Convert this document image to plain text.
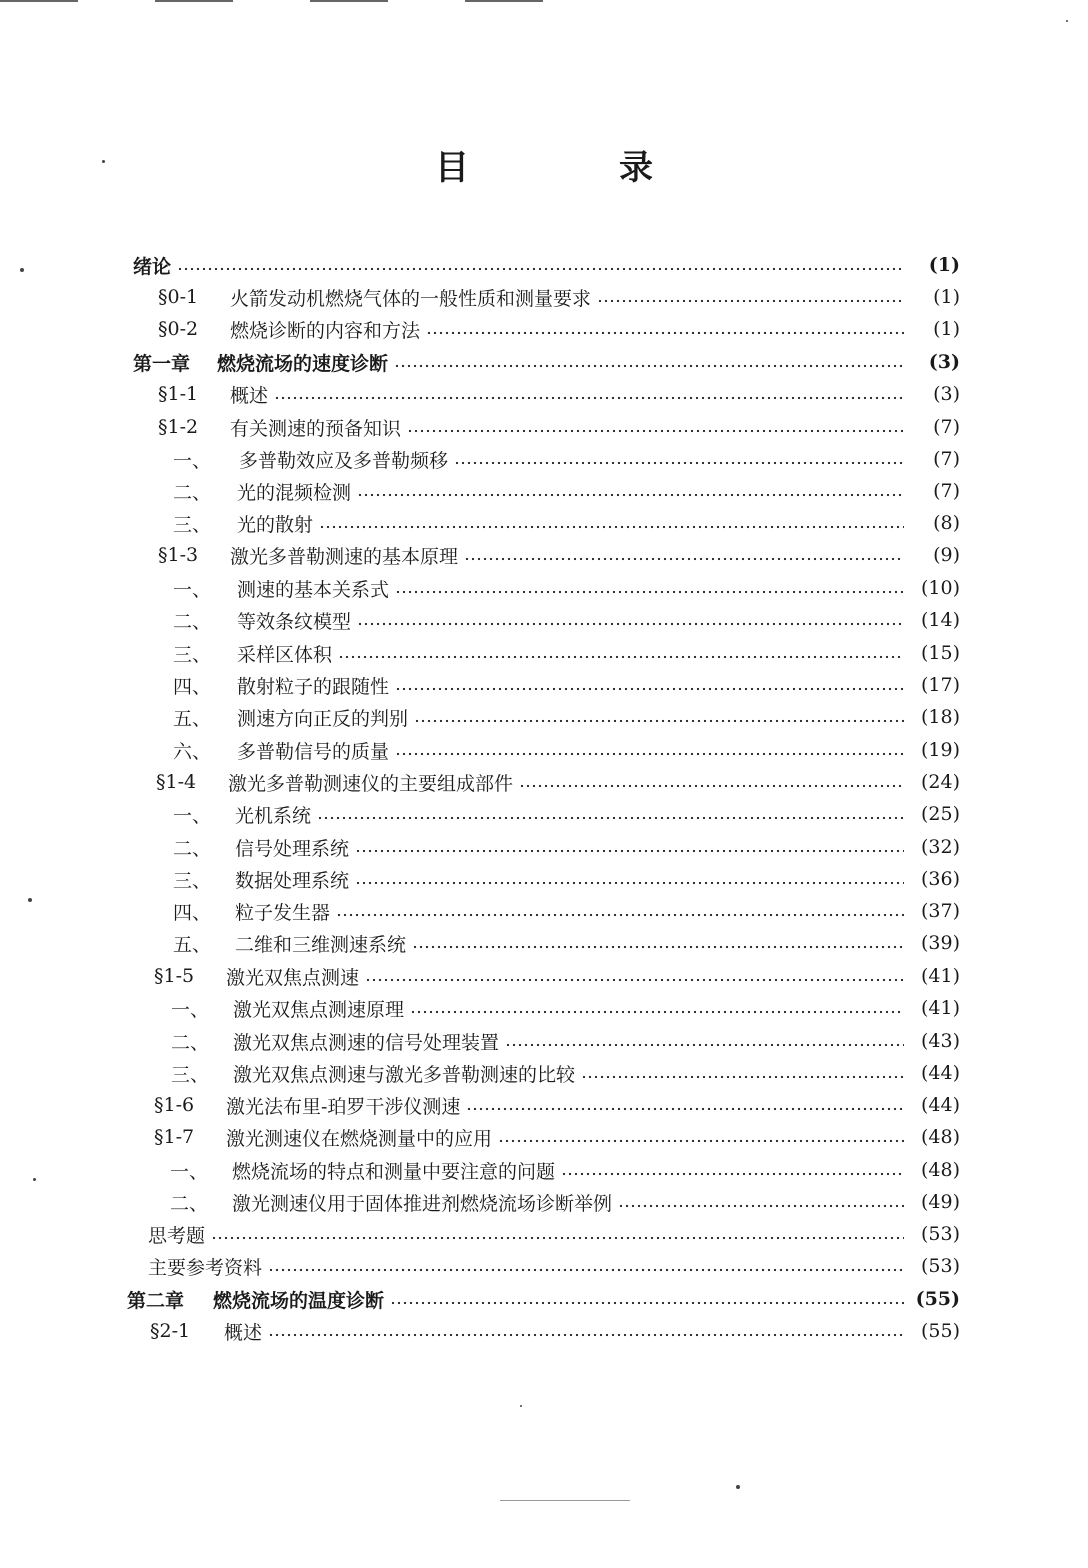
目　录
绪论	(1)
§0-1	火箭发动机燃烧气体的一般性质和测量要求	(1)
§0-2	燃烧诊断的内容和方法	(1)
第一章	燃烧流场的速度诊断	(3)
§1-1	概述	(3)
§1-2	有关测速的预备知识	(7)
一、	多普勒效应及多普勒频移	(7)
二、	光的混频检测	(7)
三、	光的散射	(8)
§1-3	激光多普勒测速的基本原理	(9)
一、	测速的基本关系式	(10)
二、	等效条纹模型	(14)
三、	采样区体积	(15)
四、	散射粒子的跟随性	(17)
五、	测速方向正反的判别	(18)
六、	多普勒信号的质量	(19)
§1-4	激光多普勒测速仪的主要组成部件	(24)
一、	光机系统	(25)
二、	信号处理系统	(32)
三、	数据处理系统	(36)
四、	粒子发生器	(37)
五、	二维和三维测速系统	(39)
§1-5	激光双焦点测速	(41)
一、	激光双焦点测速原理	(41)
二、	激光双焦点测速的信号处理装置	(43)
三、	激光双焦点测速与激光多普勒测速的比较	(44)
§1-6	激光法布里-珀罗干涉仪测速	(44)
§1-7	激光测速仪在燃烧测量中的应用	(48)
一、	燃烧流场的特点和测量中要注意的问题	(48)
二、	激光测速仪用于固体推进剂燃烧流场诊断举例	(49)
思考题	(53)
主要参考资料	(53)
第二章	燃烧流场的温度诊断	(55)
§2-1	概述	(55)
